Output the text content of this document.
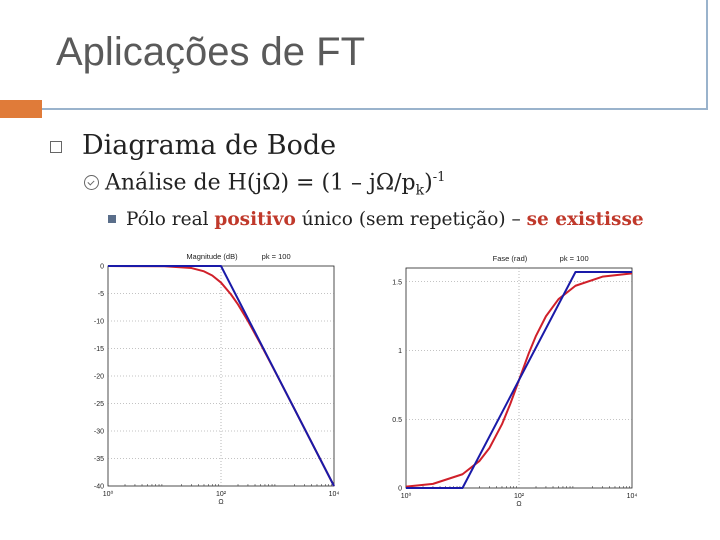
Aplicações de FT
Diagrama de Bode
Análise de $H(j\Omega) = (1 - j\Omega/p_k)^{-1}$
Pólo real positivo único (sem repetição) – se existisse
0
-5
-10
-15
-20
-25
-30
-35
-40
10⁰	10²	10⁴
Magnitude (dB)	pk = 100
Ω
0
0.5
1
1.5
10⁰	10²	10⁴
Fase (rad)	pk = 100
Ω
